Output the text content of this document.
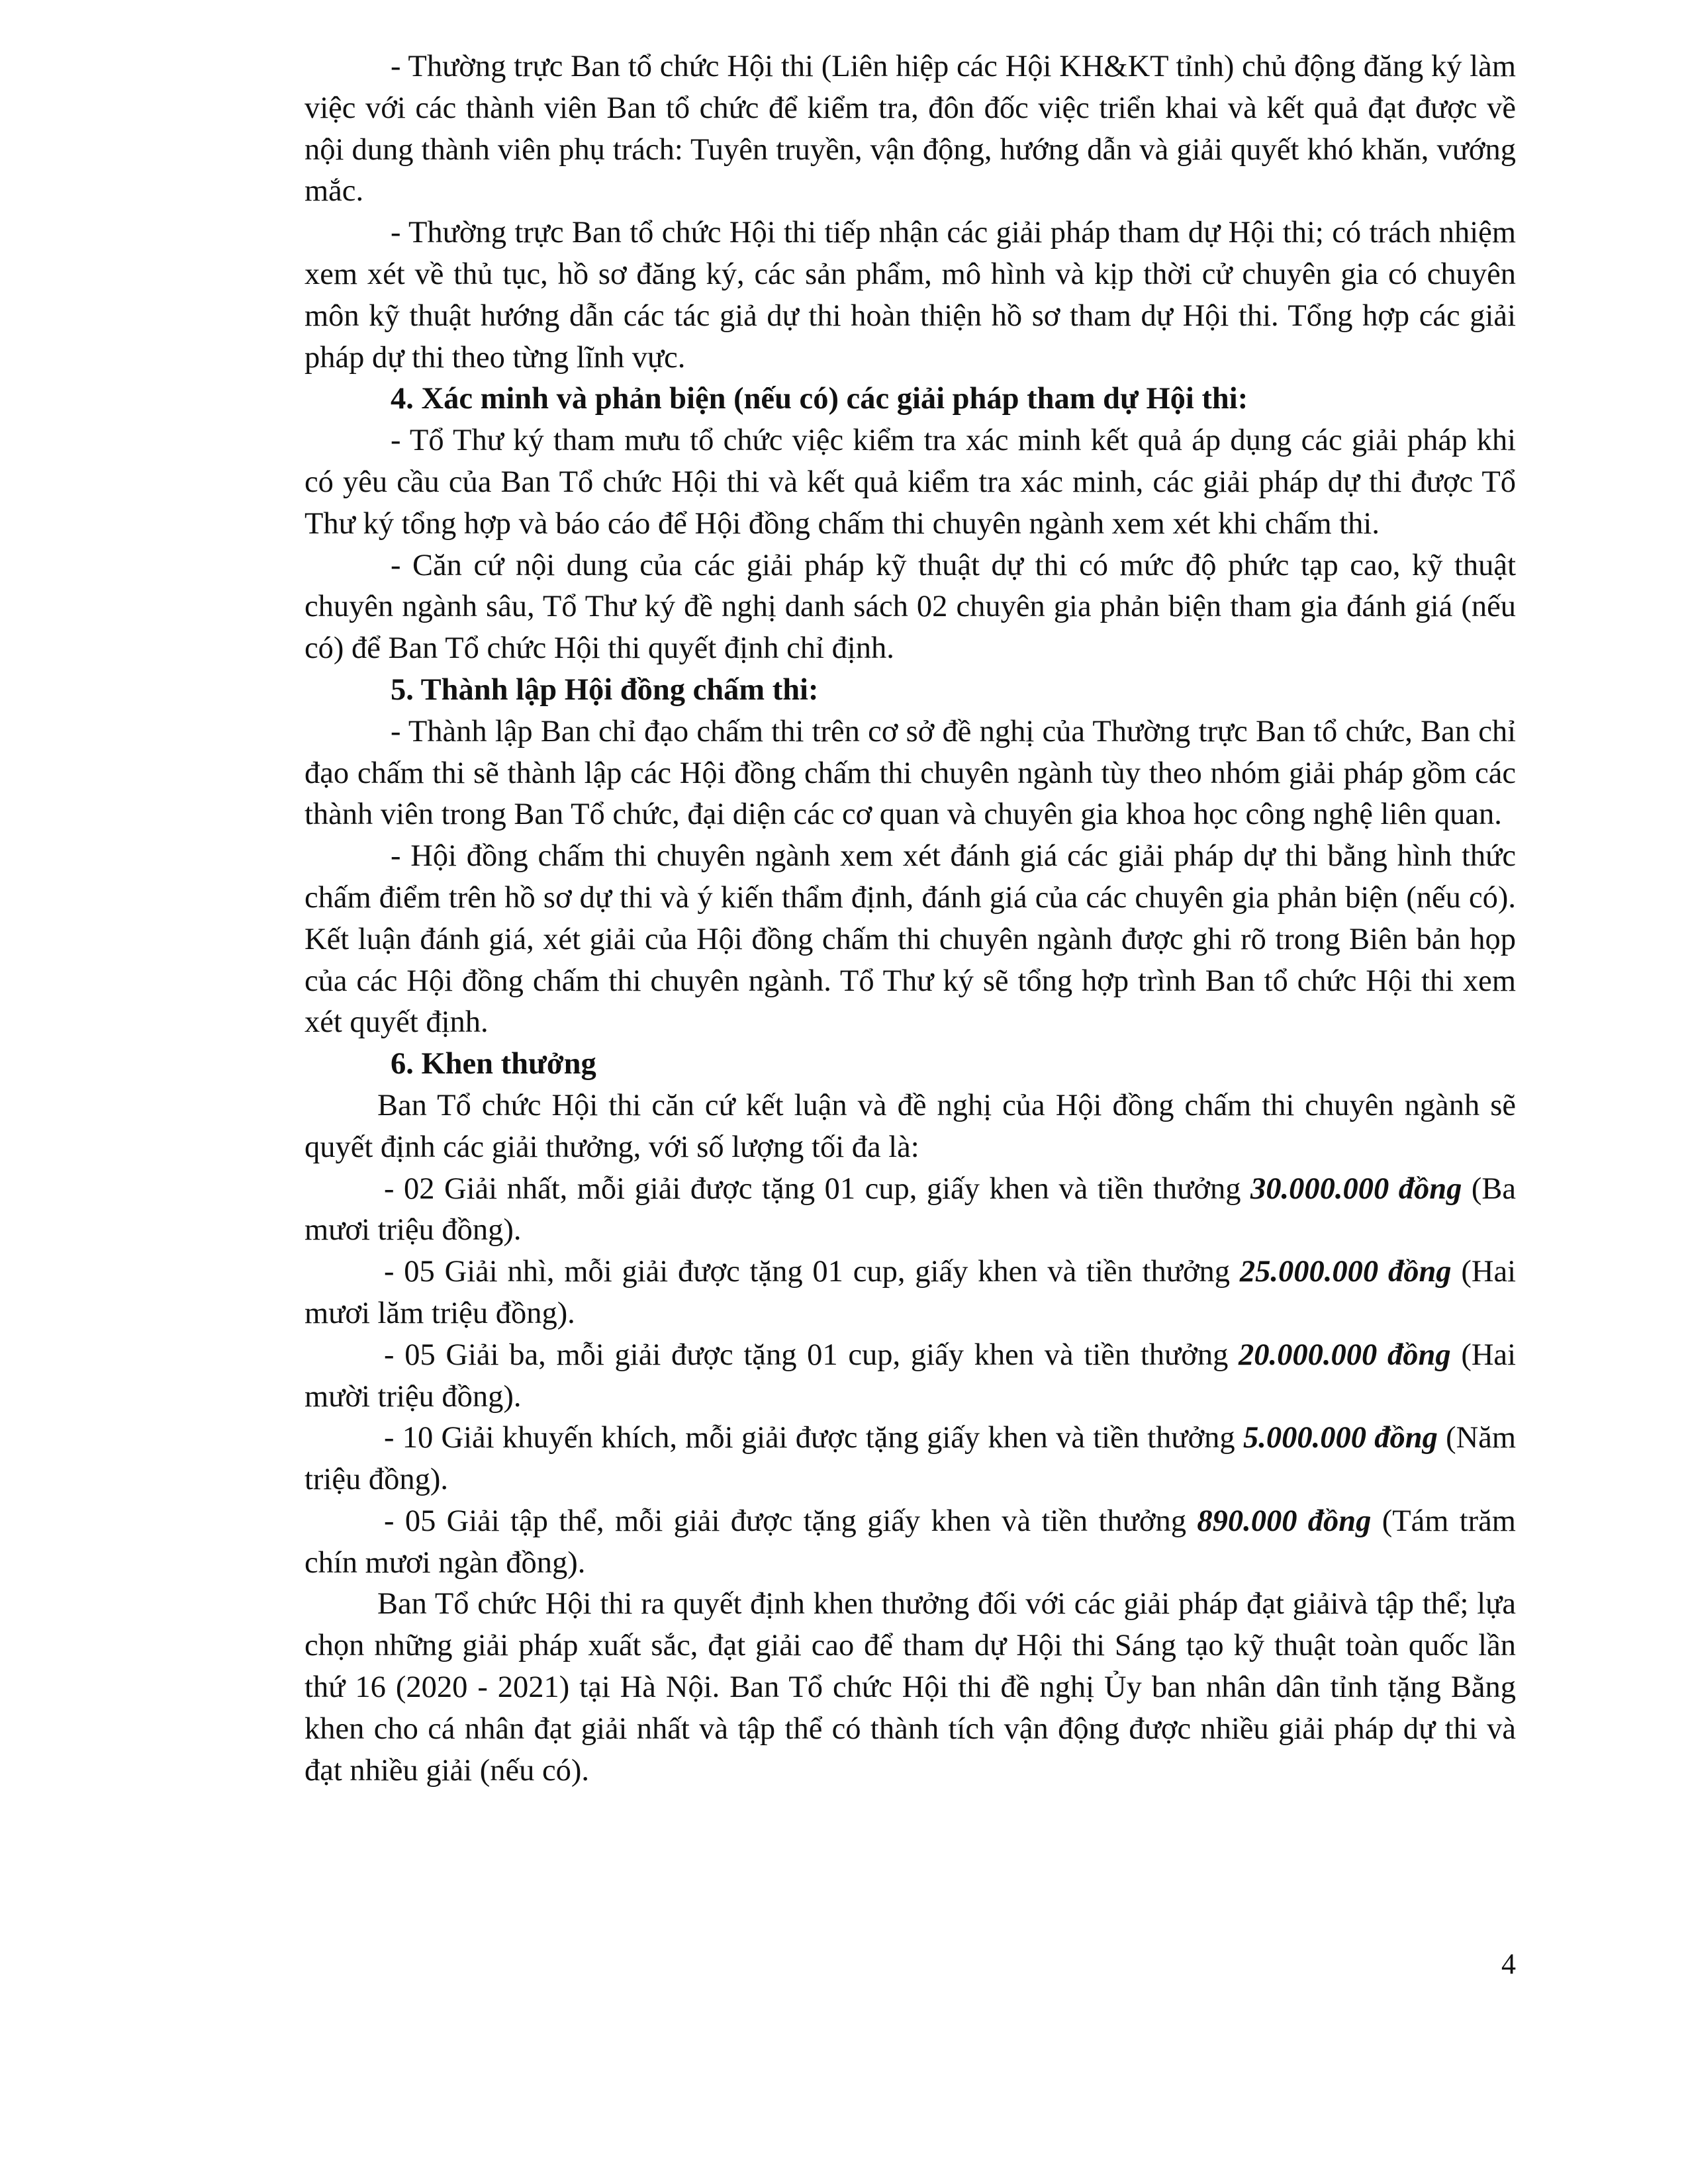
- Thường trực Ban tổ chức Hội thi (Liên hiệp các Hội KH&KT tỉnh) chủ động đăng ký làm việc với các thành viên Ban tổ chức để kiểm tra, đôn đốc việc triển khai và kết quả đạt được về nội dung thành viên phụ trách: Tuyên truyền, vận động, hướng dẫn và giải quyết khó khăn, vướng mắc.

- Thường trực Ban tổ chức Hội thi tiếp nhận các giải pháp tham dự Hội thi; có trách nhiệm xem xét về thủ tục, hồ sơ đăng ký, các sản phẩm, mô hình và kịp thời cử chuyên gia có chuyên môn kỹ thuật hướng dẫn các tác giả dự thi hoàn thiện hồ sơ tham dự Hội thi. Tổng hợp các giải pháp dự thi theo từng lĩnh vực.

4. Xác minh và phản biện (nếu có) các giải pháp tham dự Hội thi:

- Tổ Thư ký tham mưu tổ chức việc kiểm tra xác minh kết quả áp dụng các giải pháp khi có yêu cầu của Ban Tổ chức Hội thi và kết quả kiểm tra xác minh, các giải pháp dự thi được Tổ Thư ký tổng hợp và báo cáo để Hội đồng chấm thi chuyên ngành xem xét khi chấm thi.

- Căn cứ nội dung của các giải pháp kỹ thuật dự thi có mức độ phức tạp cao, kỹ thuật chuyên ngành sâu, Tổ Thư ký đề nghị danh sách 02 chuyên gia phản biện tham gia đánh giá (nếu có) để Ban Tổ chức Hội thi quyết định chỉ định.

5. Thành lập Hội đồng chấm thi:

- Thành lập Ban chỉ đạo chấm thi trên cơ sở đề nghị của Thường trực Ban tổ chức, Ban chỉ đạo chấm thi sẽ thành lập các Hội đồng chấm thi chuyên ngành tùy theo nhóm giải pháp gồm các thành viên trong Ban Tổ chức, đại diện các cơ quan và chuyên gia khoa học công nghệ liên quan.

- Hội đồng chấm thi chuyên ngành xem xét đánh giá các giải pháp dự thi bằng hình thức chấm điểm trên hồ sơ dự thi và ý kiến thẩm định, đánh giá của các chuyên gia phản biện (nếu có). Kết luận đánh giá, xét giải của Hội đồng chấm thi chuyên ngành được ghi rõ trong Biên bản họp của các Hội đồng chấm thi chuyên ngành. Tổ Thư ký sẽ tổng hợp trình Ban tổ chức Hội thi xem xét quyết định.

6. Khen thưởng

Ban Tổ chức Hội thi căn cứ kết luận và đề nghị của Hội đồng chấm thi chuyên ngành sẽ quyết định các giải thưởng, với số lượng tối đa là:

- 02 Giải nhất, mỗi giải được tặng 01 cup, giấy khen và tiền thưởng 30.000.000 đồng (Ba mươi triệu đồng).

- 05 Giải nhì, mỗi giải được tặng 01 cup, giấy khen và tiền thưởng 25.000.000 đồng (Hai mươi lăm triệu đồng).

- 05 Giải ba, mỗi giải được tặng 01 cup, giấy khen và tiền thưởng 20.000.000 đồng (Hai mười triệu đồng).

- 10 Giải khuyến khích, mỗi giải được tặng giấy khen và tiền thưởng 5.000.000 đồng (Năm triệu đồng).

- 05 Giải tập thể, mỗi giải được tặng giấy khen và tiền thưởng 890.000 đồng (Tám trăm chín mươi ngàn đồng).

Ban Tổ chức Hội thi ra quyết định khen thưởng đối với các giải pháp đạt giảivà tập thể; lựa chọn những giải pháp xuất sắc, đạt giải cao để tham dự Hội thi Sáng tạo kỹ thuật toàn quốc lần thứ 16 (2020 - 2021) tại Hà Nội. Ban Tổ chức Hội thi đề nghị Ủy ban nhân dân tỉnh tặng Bằng khen cho cá nhân đạt giải nhất và tập thể có thành tích vận động được nhiều giải pháp dự thi và đạt nhiều giải (nếu có).

4
